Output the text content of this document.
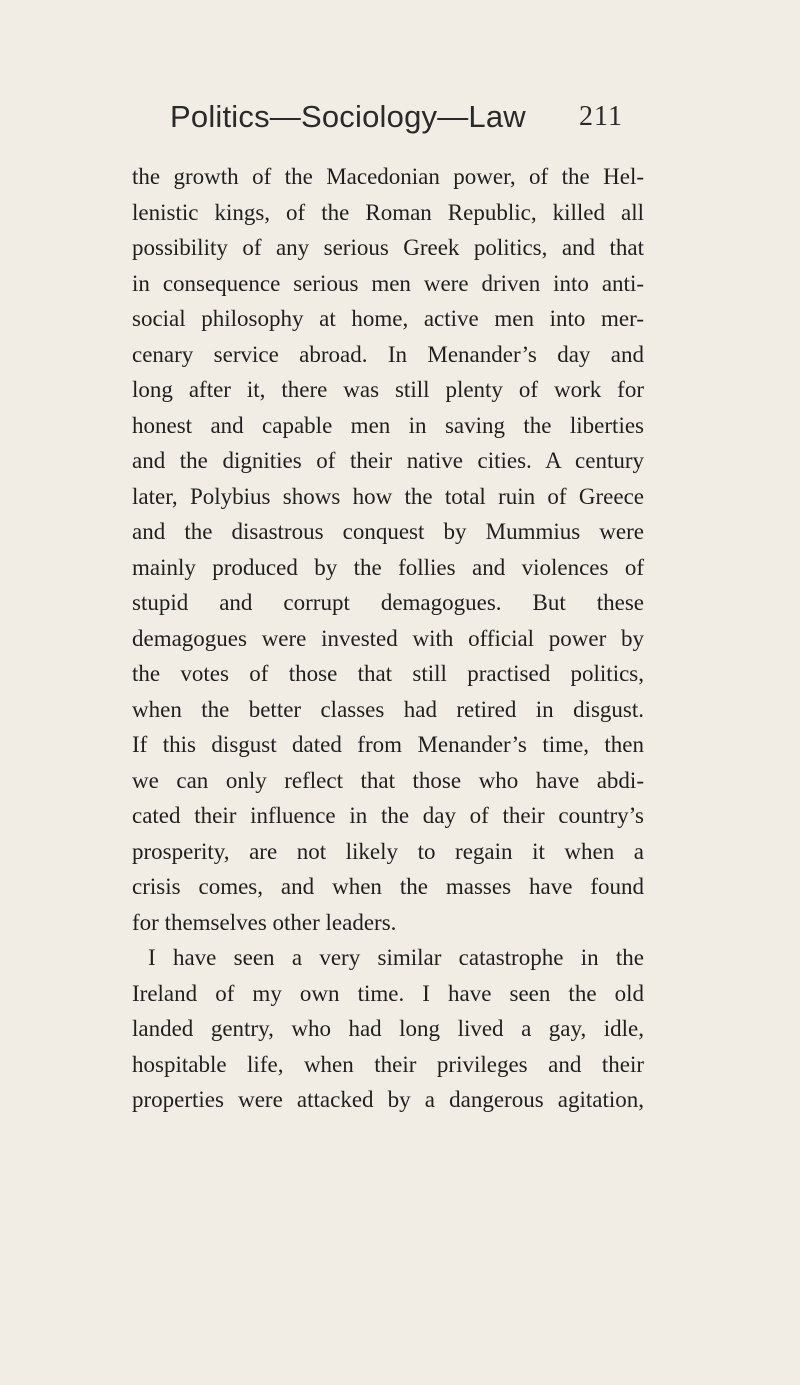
Politics—Sociology—Law 211
the growth of the Macedonian power, of the Hel-
lenistic kings, of the Roman Republic, killed all
possibility of any serious Greek politics, and that
in consequence serious men were driven into anti-
social philosophy at home, active men into mer-
cenary service abroad. In Menander’s day and
long after it, there was still plenty of work for
honest and capable men in saving the liberties
and the dignities of their native cities. A century
later, Polybius shows how the total ruin of Greece
and the disastrous conquest by Mummius were
mainly produced by the follies and violences of
stupid and corrupt demagogues. But these
demagogues were invested with official power by
the votes of those that still practised politics,
when the better classes had retired in disgust.
If this disgust dated from Menander’s time, then
we can only reflect that those who have abdi-
cated their influence in the day of their country’s
prosperity, are not likely to regain it when a
crisis comes, and when the masses have found
for themselves other leaders.
I have seen a very similar catastrophe in the
Ireland of my own time. I have seen the old
landed gentry, who had long lived a gay, idle,
hospitable life, when their privileges and their
properties were attacked by a dangerous agitation,
